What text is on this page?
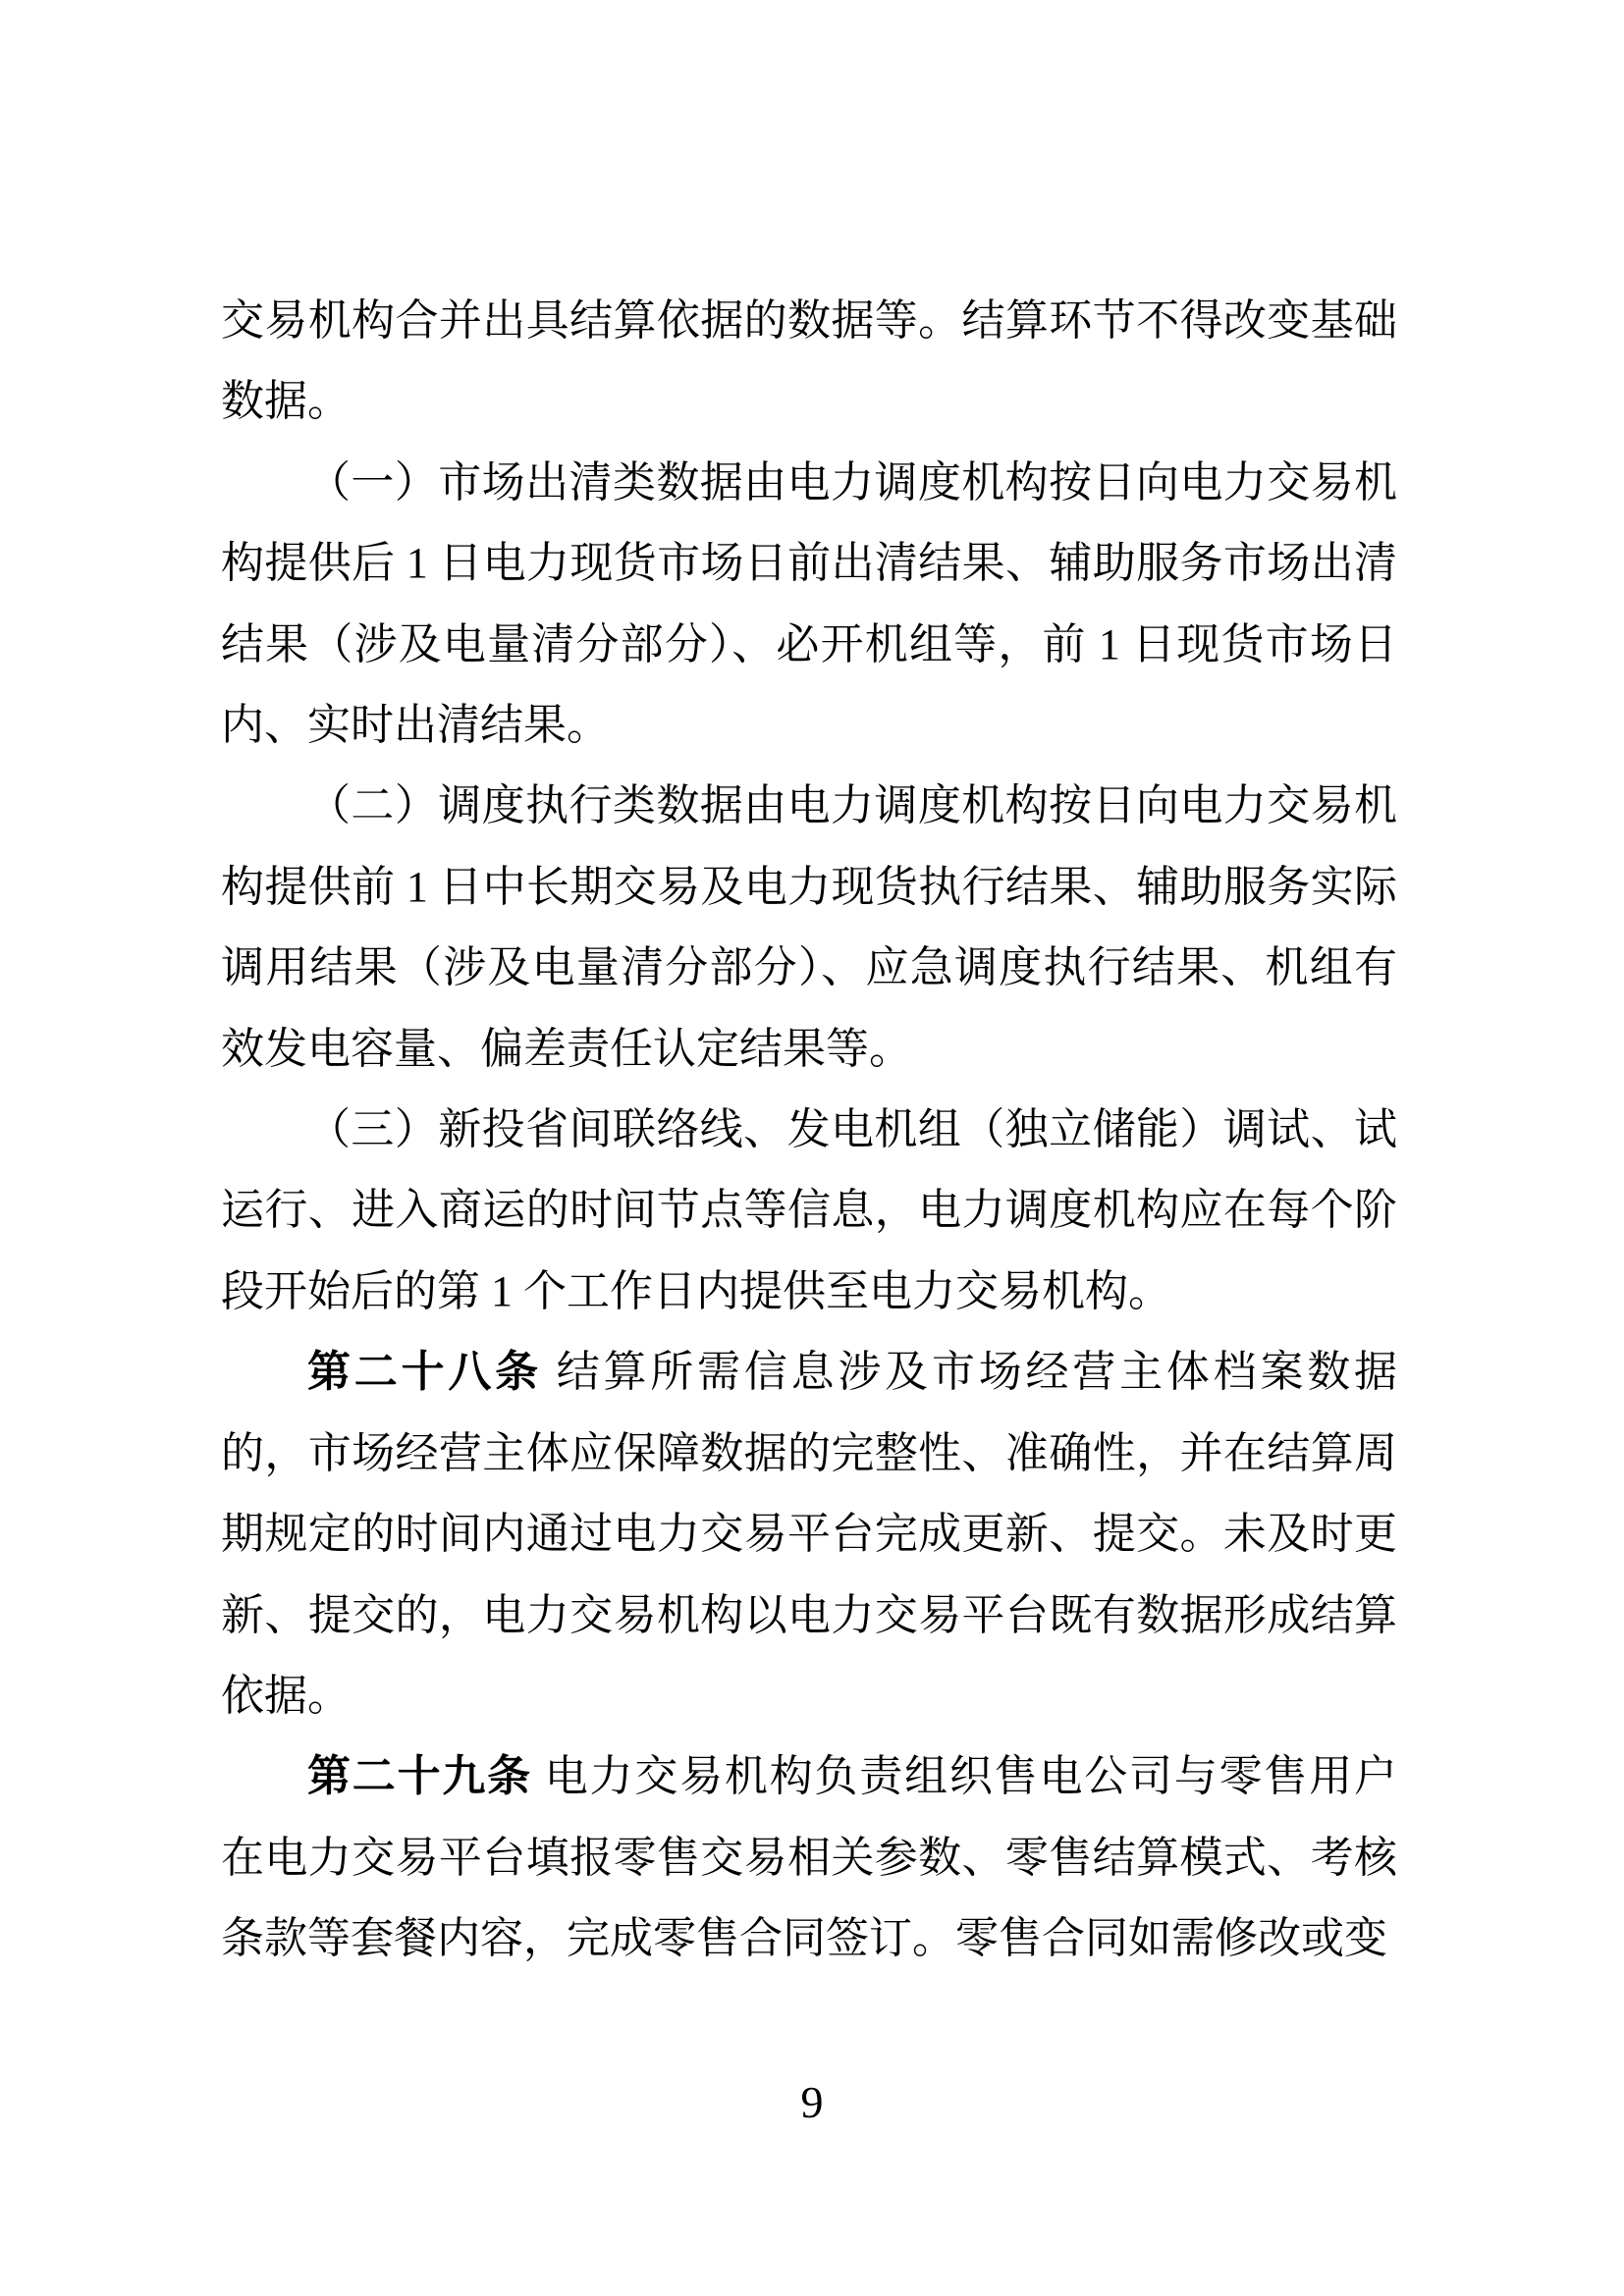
交易机构合并出具结算依据的数据等。结算环节不得改变基础
数据。
（一）市场出清类数据由电力调度机构按日向电力交易机
构提供后 1 日电力现货市场日前出清结果、辅助服务市场出清
结果（涉及电量清分部分）、必开机组等，前 1 日现货市场日
内、实时出清结果。
（二）调度执行类数据由电力调度机构按日向电力交易机
构提供前 1 日中长期交易及电力现货执行结果、辅助服务实际
调用结果（涉及电量清分部分）、应急调度执行结果、机组有
效发电容量、偏差责任认定结果等。
（三）新投省间联络线、发电机组（独立储能）调试、试
运行、进入商运的时间节点等信息，电力调度机构应在每个阶
段开始后的第 1 个工作日内提供至电力交易机构。
第二十八条 结算所需信息涉及市场经营主体档案数据
的，市场经营主体应保障数据的完整性、准确性，并在结算周
期规定的时间内通过电力交易平台完成更新、提交。未及时更
新、提交的，电力交易机构以电力交易平台既有数据形成结算
依据。
第二十九条 电力交易机构负责组织售电公司与零售用户
在电力交易平台填报零售交易相关参数、零售结算模式、考核
条款等套餐内容，完成零售合同签订。零售合同如需修改或变
9
